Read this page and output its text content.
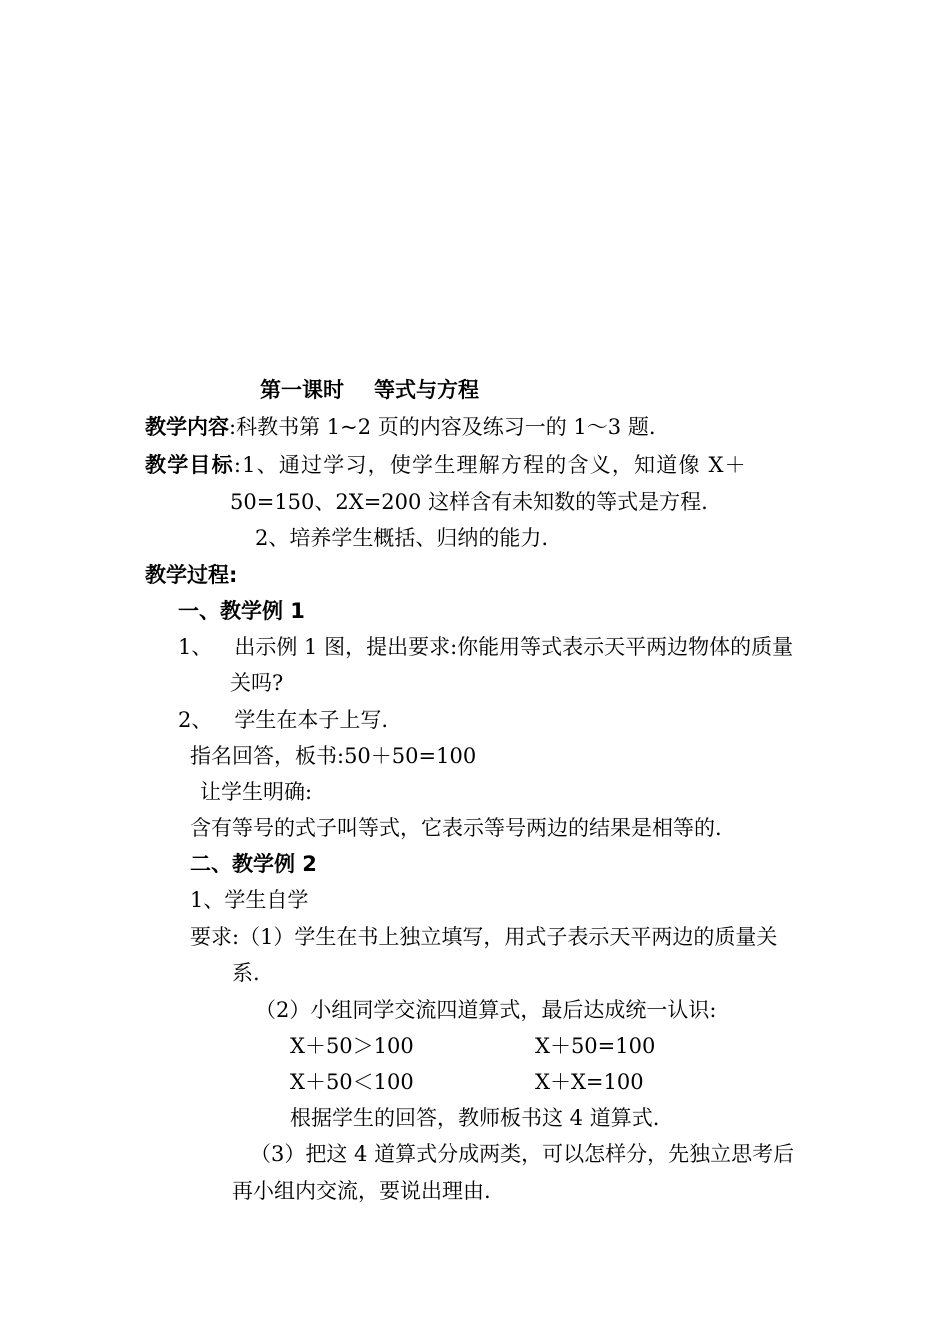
第一课时 等式与方程
教学内容:科教书第 1~2 页的内容及练习一的 1～3 题.
教学目标:1、通过学习，使学生理解方程的含义，知道像 X＋
50=150、2X=200 这样含有未知数的等式是方程.
2、培养学生概括、归纳的能力.
教学过程:
一、教学例 1
1、 出示例 1 图，提出要求:你能用等式表示天平两边物体的质量
关吗?
2、 学生在本子上写.
指名回答，板书:50＋50=100
让学生明确:
含有等号的式子叫等式，它表示等号两边的结果是相等的.
二、教学例 2
1、学生自学
要求:（1）学生在书上独立填写，用式子表示天平两边的质量关
系.
（2）小组同学交流四道算式，最后达成统一认识:
X＋50＞100	X＋50=100
X＋50＜100	X＋X=100
根据学生的回答，教师板书这 4 道算式.
（3）把这 4 道算式分成两类，可以怎样分，先独立思考后
再小组内交流，要说出理由.
